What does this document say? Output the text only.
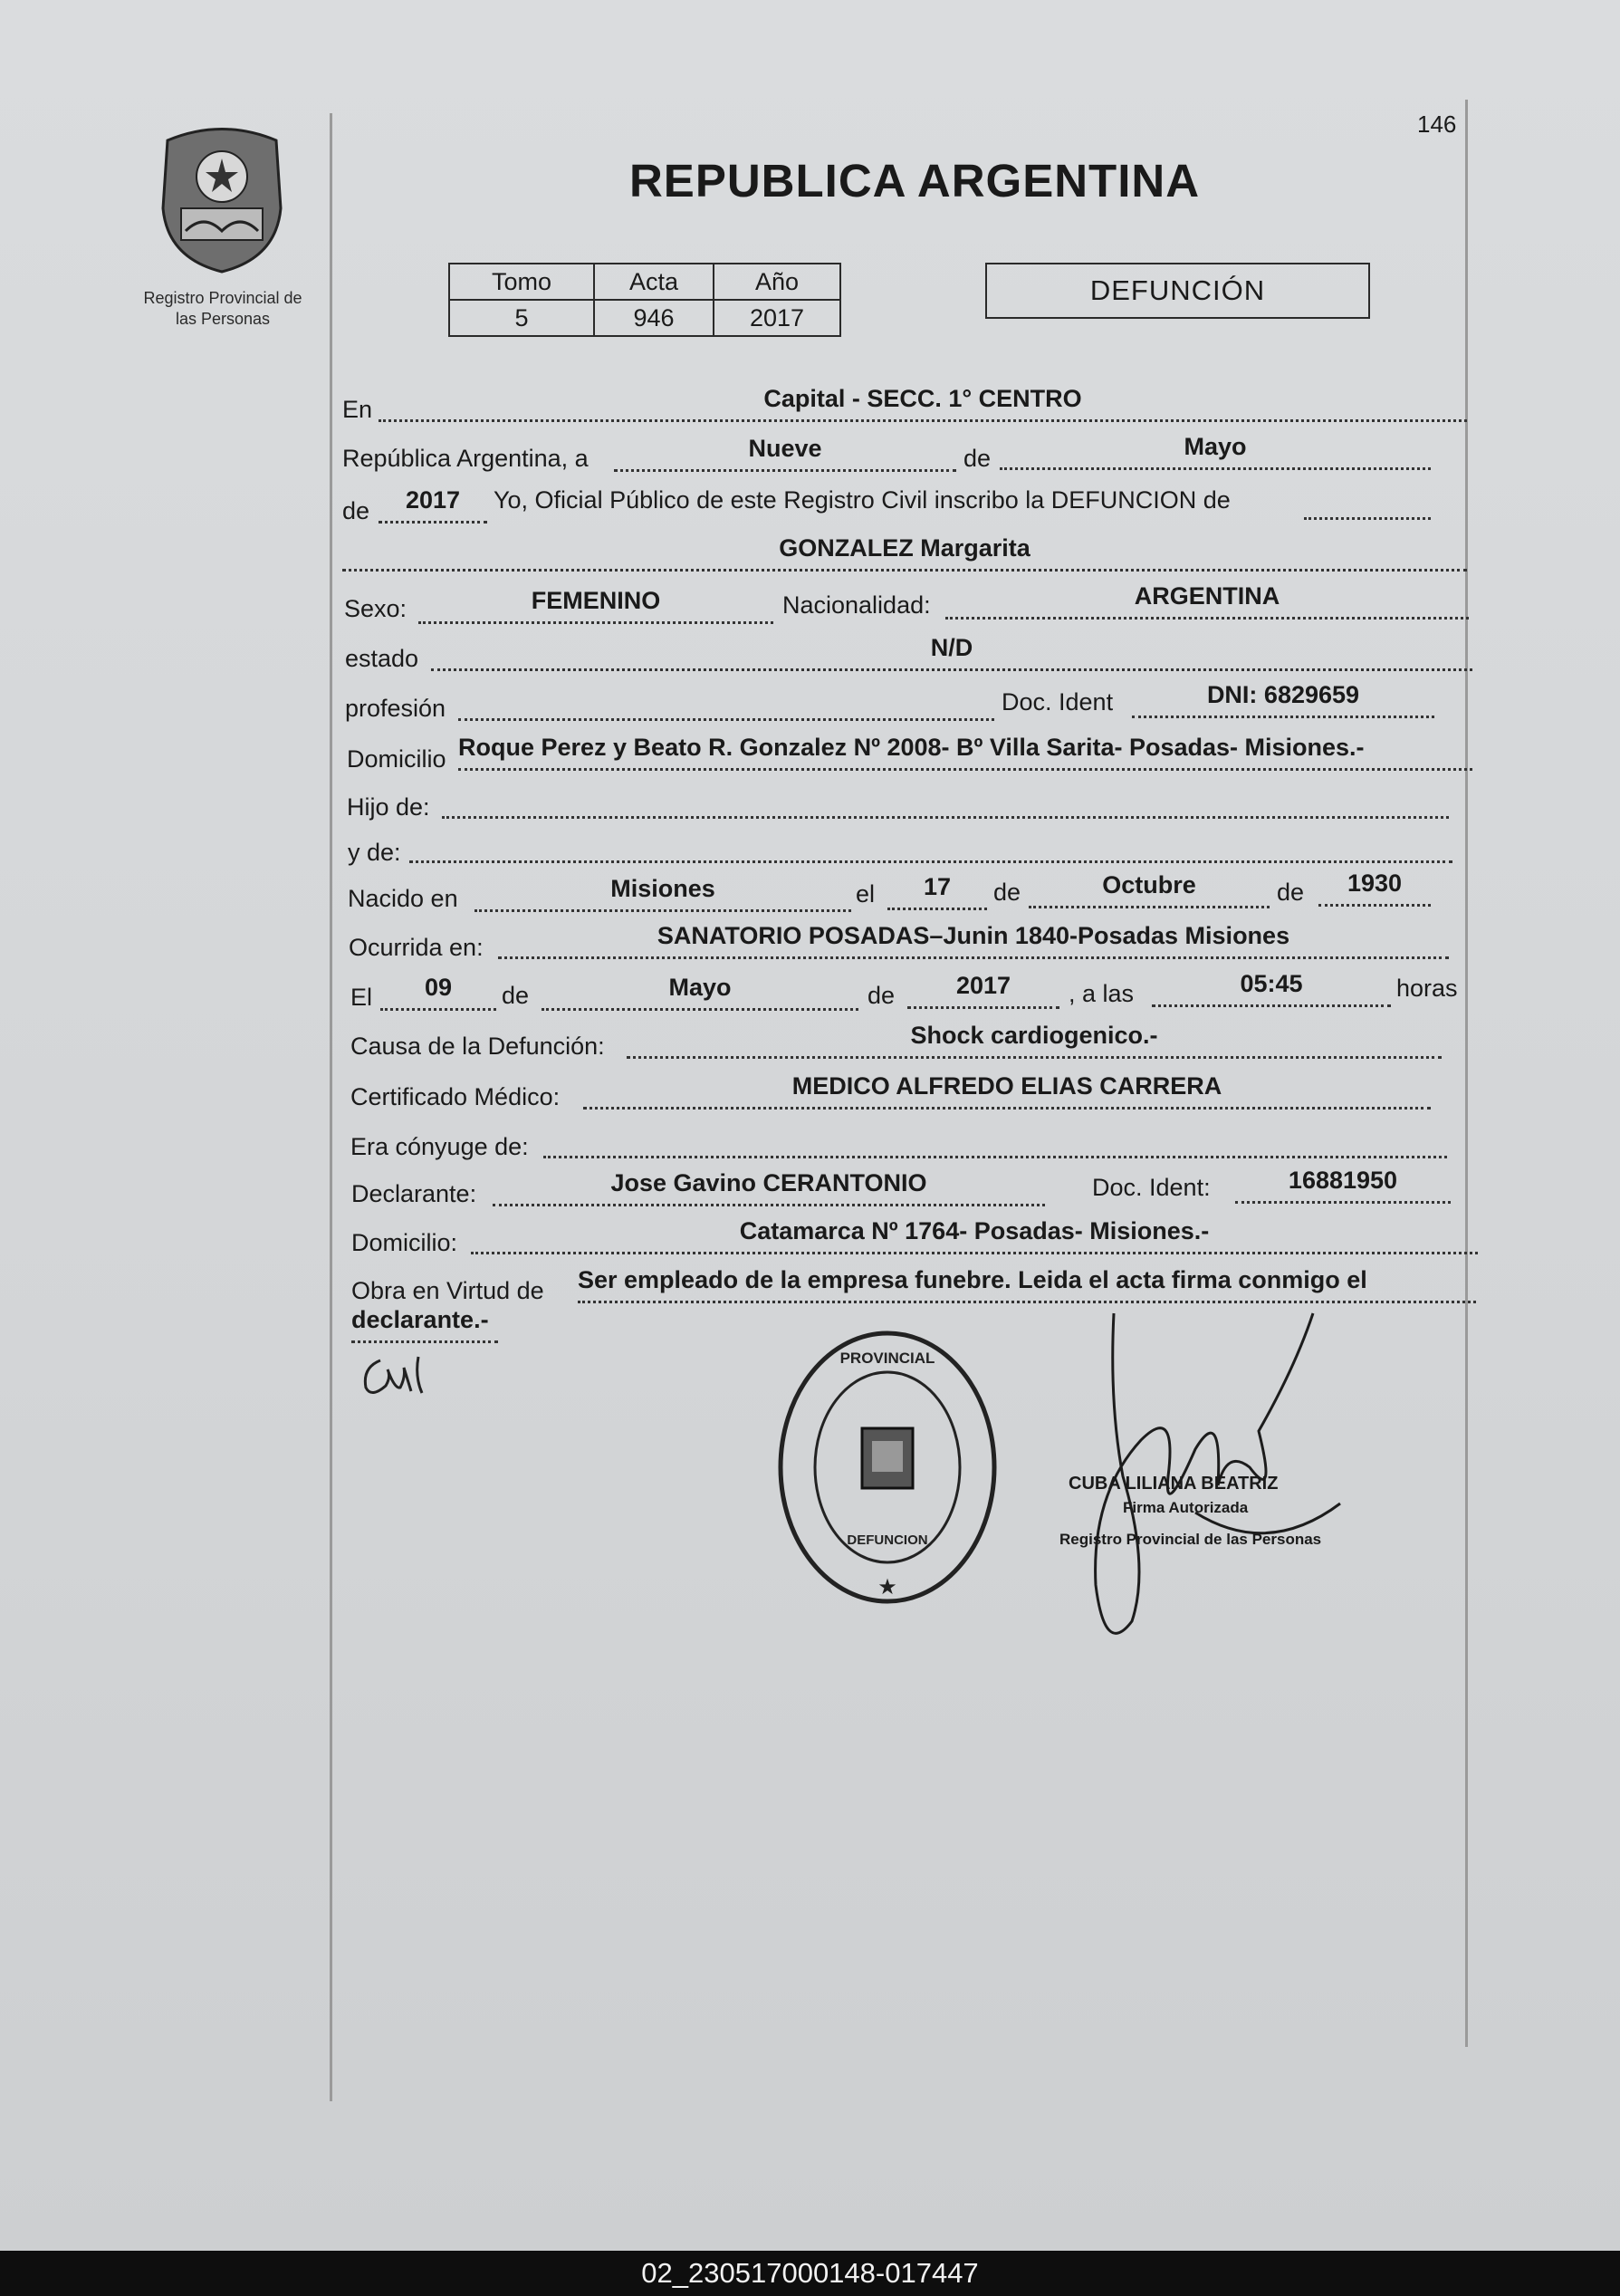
146
Registro Provincial de
las Personas
REPUBLICA ARGENTINA
Tomo	Acta	Año
5	946	2017
DEFUNCIÓN
En	Capital - SECC. 1° CENTRO
República Argentina, a	Nueve	de	Mayo
de	2017	Yo, Oficial Público de este Registro Civil inscribo la DEFUNCION de
GONZALEZ Margarita
Sexo:	FEMENINO	Nacionalidad:	ARGENTINA
estado	N/D
profesión	Doc. Ident	DNI: 6829659
Domicilio Roque Perez y Beato R. Gonzalez Nº 2008- Bº Villa Sarita- Posadas- Misiones.-
Hijo de:
y de:
Nacido en	Misiones	el	17	de	Octubre	de	1930
Ocurrida en:	SANATORIO POSADAS–Junin 1840-Posadas Misiones
El	09	de	Mayo	de	2017	, a las	05:45	horas
Causa de la Defunción:	Shock cardiogenico.-
Certificado Médico:	MEDICO ALFREDO ELIAS CARRERA
Era cónyuge de:
Declarante:	Jose Gavino CERANTONIO	Doc. Ident:	16881950
Domicilio:	Catamarca Nº 1764- Posadas- Misiones.-
Obra en Virtud de Ser empleado de la empresa funebre. Leida el acta firma conmigo el
declarante.-
PROVINCIAL
★
DEFUNCION
CUBA LILIANA BEATRIZ
Firma Autorizada
Registro Provincial de las Personas
02_230517000148-017447
